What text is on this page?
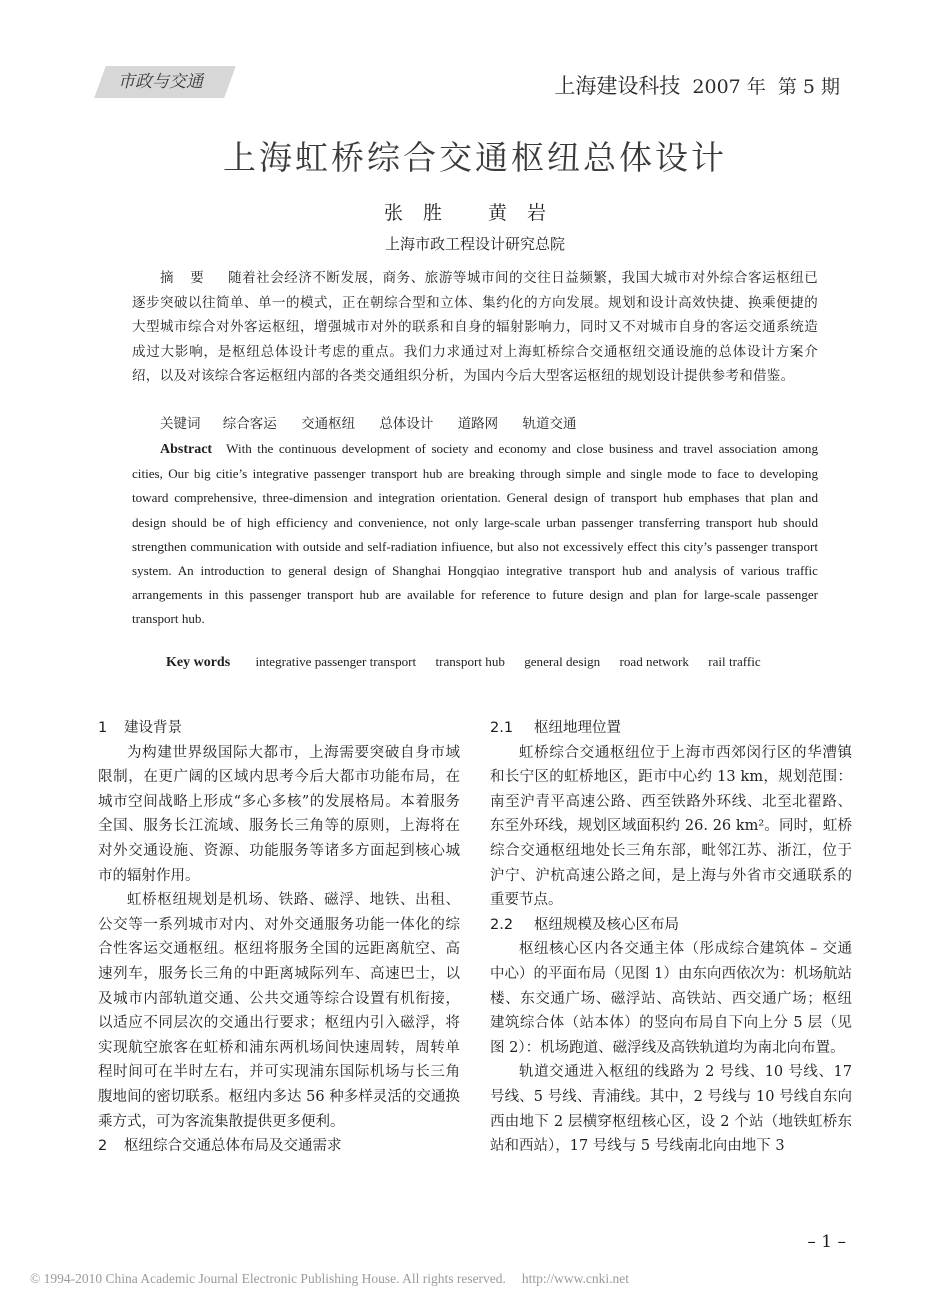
市政与交通	上海建设科技 2007 年 第 5 期
上海虹桥综合交通枢纽总体设计
张胜 黄岩
上海市政工程设计研究总院
摘 要 随着社会经济不断发展，商务、旅游等城市间的交往日益频繁，我国大城市对外综合客运枢纽已逐步突破以往简单、单一的模式，正在朝综合型和立体、集约化的方向发展。规划和设计高效快捷、换乘便捷的大型城市综合对外客运枢纽，增强城市对外的联系和自身的辐射影响力，同时又不对城市自身的客运交通系统造成过大影响，是枢纽总体设计考虑的重点。我们力求通过对上海虹桥综合交通枢纽交通设施的总体设计方案介绍，以及对该综合客运枢纽内部的各类交通组织分析，为国内今后大型客运枢纽的规划设计提供参考和借鉴。
关键词 综合客运 交通枢纽 总体设计 道路网 轨道交通
Abstract With the continuous development of society and economy and close business and travel association among cities, Our big citie’s integrative passenger transport hub are breaking through simple and single mode to face to developing toward comprehensive, three-dimension and integration orientation. General design of transport hub emphases that plan and design should be of high efficiency and convenience, not only large-scale urban passenger transferring transport hub should strengthen communication with outside and self-radiation infiuence, but also not excessively effect this city’s passenger transport system. An introduction to general design of Shanghai Hongqiao integrative transport hub and analysis of various traffic arrangements in this passenger transport hub are available for reference to future design and plan for large-scale passenger transport hub.
Key words integrative passenger transport transport hub general design road network rail traffic
1 建设背景

为构建世界级国际大都市，上海需要突破自身市域限制，在更广阔的区域内思考今后大都市功能布局，在城市空间战略上形成“多心多核”的发展格局。本着服务全国、服务长江流域、服务长三角等的原则，上海将在对外交通设施、资源、功能服务等诸多方面起到核心城市的辐射作用。

虹桥枢纽规划是机场、铁路、磁浮、地铁、出租、公交等一系列城市对内、对外交通服务功能一体化的综合性客运交通枢纽。枢纽将服务全国的远距离航空、高速列车，服务长三角的中距离城际列车、高速巴士，以及城市内部轨道交通、公共交通等综合设置有机衔接，以适应不同层次的交通出行要求；枢纽内引入磁浮，将实现航空旅客在虹桥和浦东两机场间快速周转，周转单程时间可在半时左右，并可实现浦东国际机场与长三角腹地间的密切联系。枢纽内多达 56 种多样灵活的交通换乘方式，可为客流集散提供更多便利。

2 枢纽综合交通总体布局及交通需求
2.1 枢纽地理位置

虹桥综合交通枢纽位于上海市西郊闵行区的华漕镇和长宁区的虹桥地区，距市中心约 13 km，规划范围：南至沪青平高速公路、西至铁路外环线、北至北翟路、东至外环线，规划区域面积约 26. 26 km²。同时，虹桥综合交通枢纽地处长三角东部，毗邻江苏、浙江，位于沪宁、沪杭高速公路之间，是上海与外省市交通联系的重要节点。

2.2 枢纽规模及核心区布局

枢纽核心区内各交通主体（彤成综合建筑体 – 交通中心）的平面布局（见图 1）由东向西依次为：机场航站楼、东交通广场、磁浮站、高铁站、西交通广场；枢纽建筑综合体（站本体）的竖向布局自下向上分 5 层（见图 2）：机场跑道、磁浮线及高铁轨道均为南北向布置。

轨道交通进入枢纽的线路为 2 号线、10 号线、17 号线、5 号线、青浦线。其中，2 号线与 10 号线自东向西由地下 2 层横穿枢纽核心区，设 2 个站（地铁虹桥东站和西站），17 号线与 5 号线南北向由地下 3

– 1 –
© 1994-2010 China Academic Journal Electronic Publishing House. All rights reserved. http://www.cnki.net
